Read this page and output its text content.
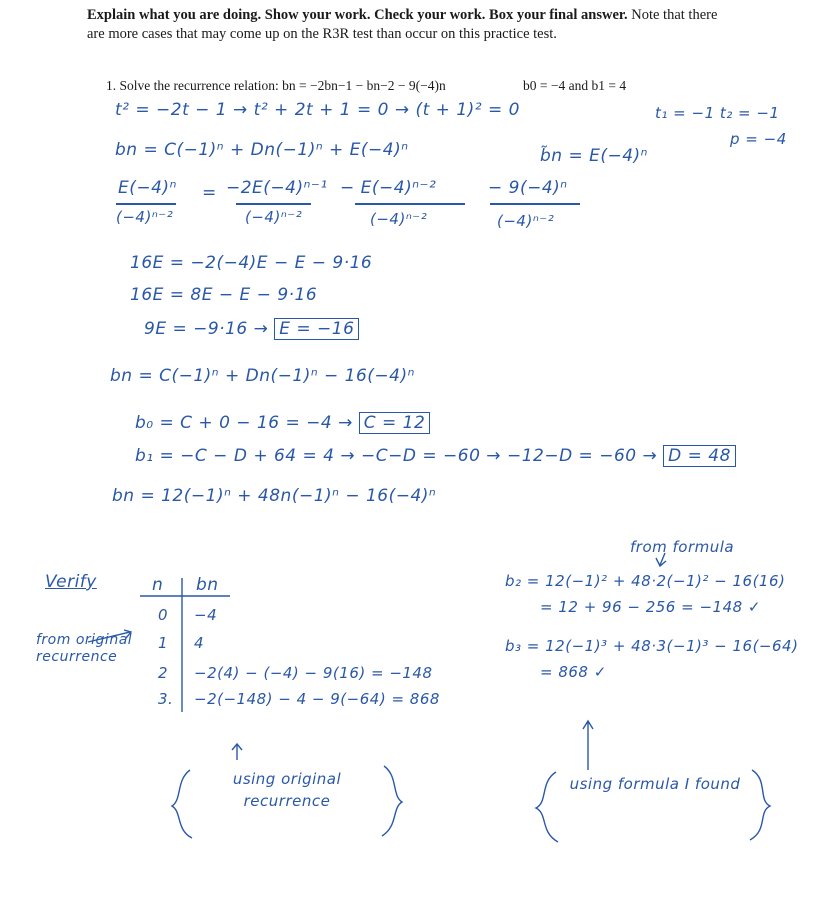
Explain what you are doing. Show your work. Check your work. Box your final answer. Note that there are more cases that may come up on the R3R test than occur on this practice test.
1. Solve the recurrence relation: bn = −2bn−1 − bn−2 − 9(−4)n	b0 = −4 and b1 = 4
t² = −2t − 1 → t² + 2t + 1 = 0 → (t + 1)² = 0	t₁ = −1 t₂ = −1
p = −4
bn = C(−1)ⁿ + Dn(−1)ⁿ + E(−4)ⁿ	b̃n = E(−4)ⁿ
E(−4)ⁿ = −2E(−4)ⁿ⁻¹ − E(−4)ⁿ⁻²	− 9(−4)ⁿ
(−4)ⁿ⁻²	(−4)ⁿ⁻²	(−4)ⁿ⁻²	(−4)ⁿ⁻²
16E = −2(−4)E − E − 9·16
16E = 8E − E − 9·16
9E = −9·16 → E = −16
bn = C(−1)ⁿ + Dn(−1)ⁿ − 16(−4)ⁿ
b₀ = C + 0 − 16 = −4 → C = 12
b₁ = −C − D + 64 = 4 → −C−D = −60 → −12−D = −60 → D = 48
bn = 12(−1)ⁿ + 48n(−1)ⁿ − 16(−4)ⁿ
Verify
from original recurrence
n bn
0 −4
1 4
2 −2(4) − (−4) − 9(16) = −148
3. −2(−148) − 4 − 9(−64) = 868
using original recurrence
from formula
b₂ = 12(−1)² + 48·2(−1)² − 16(16)
= 12 + 96 − 256 = −148 ✓
b₃ = 12(−1)³ + 48·3(−1)³ − 16(−64)
= 868 ✓
using formula I found
